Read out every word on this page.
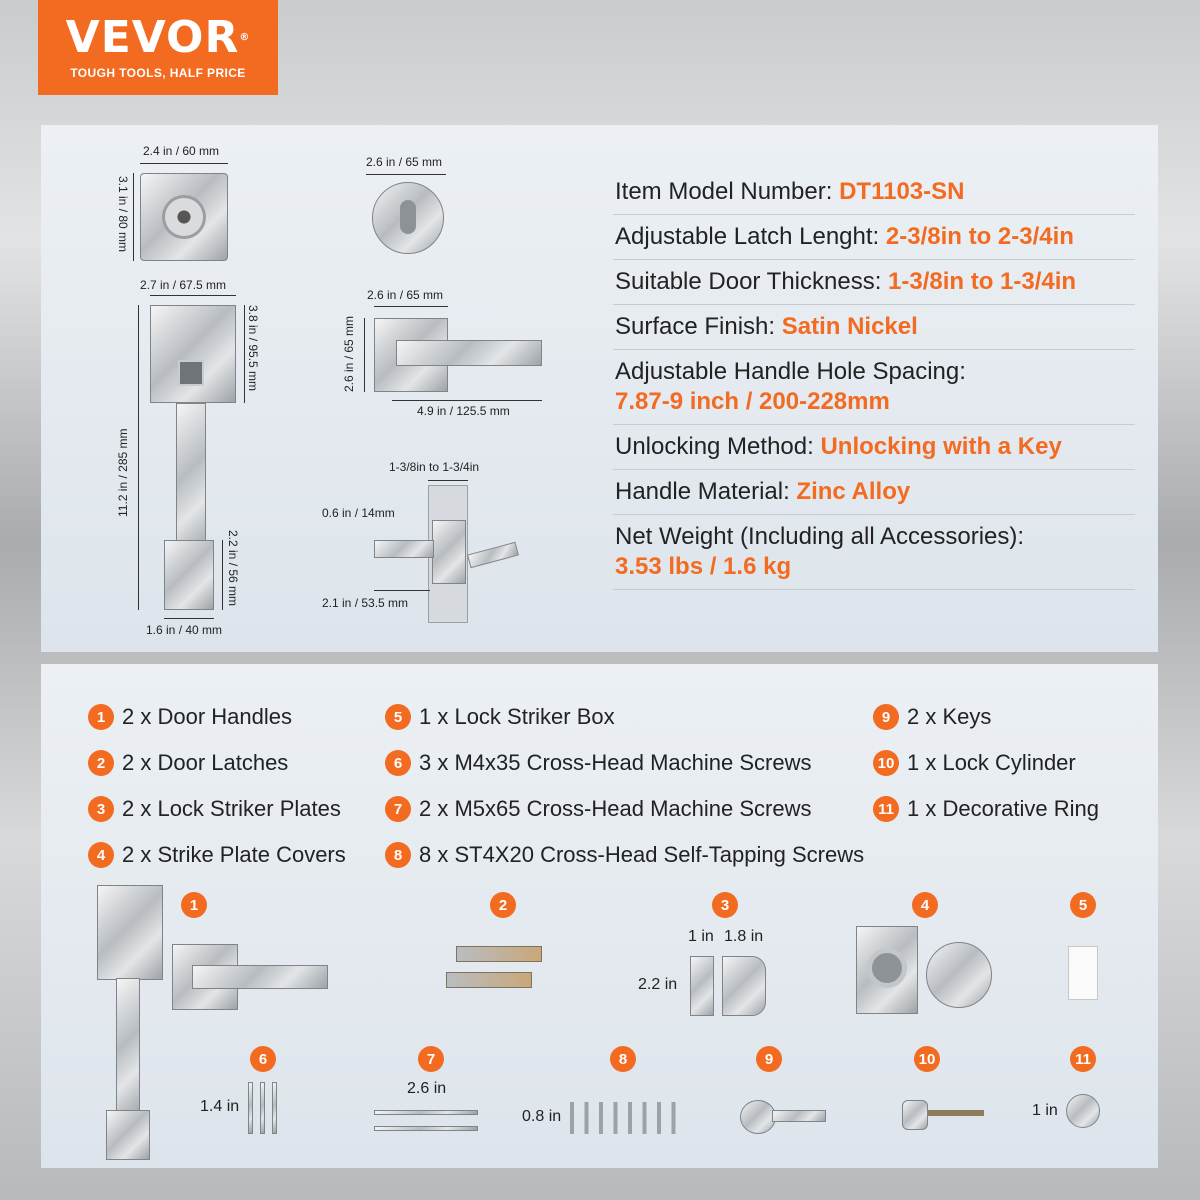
VEVOR®
TOUGH TOOLS, HALF PRICE
2.4 in / 60 mm
3.1 in / 80 mm
2.6 in / 65 mm
2.7 in / 67.5 mm
3.8 in / 95.5 mm
11.2 in / 285 mm
2.2 in / 56 mm
1.6 in / 40 mm
2.6 in / 65 mm
2.6 in / 65 mm
4.9 in / 125.5 mm
1-3/8in to 1-3/4in
0.6 in / 14mm
2.1 in / 53.5 mm
Item Model Number: DT1103-SN
Adjustable Latch Lenght: 2-3/8in to 2-3/4in
Suitable Door Thickness: 1-3/8in to 1-3/4in
Surface Finish: Satin Nickel
Adjustable Handle Hole Spacing:
7.87-9 inch / 200-228mm
Unlocking Method: Unlocking with a Key
Handle Material: Zinc Alloy
Net Weight (Including all Accessories):
3.53 lbs / 1.6 kg
1 2 x Door Handles
2 2 x Door Latches
3 2 x Lock Striker Plates
4 2 x Strike Plate Covers
5 1 x Lock Striker Box
6 3 x M4x35 Cross-Head Machine Screws
7 2 x M5x65 Cross-Head Machine Screws
8 8 x ST4X20 Cross-Head Self-Tapping Screws
9 2 x Keys
10 1 x Lock Cylinder
11 1 x Decorative Ring
1	2	3
1 in 1.8 in
2.2 in
4	5
6
1.4 in
7
2.6 in
8
0.8 in
9	10	11
1 in
